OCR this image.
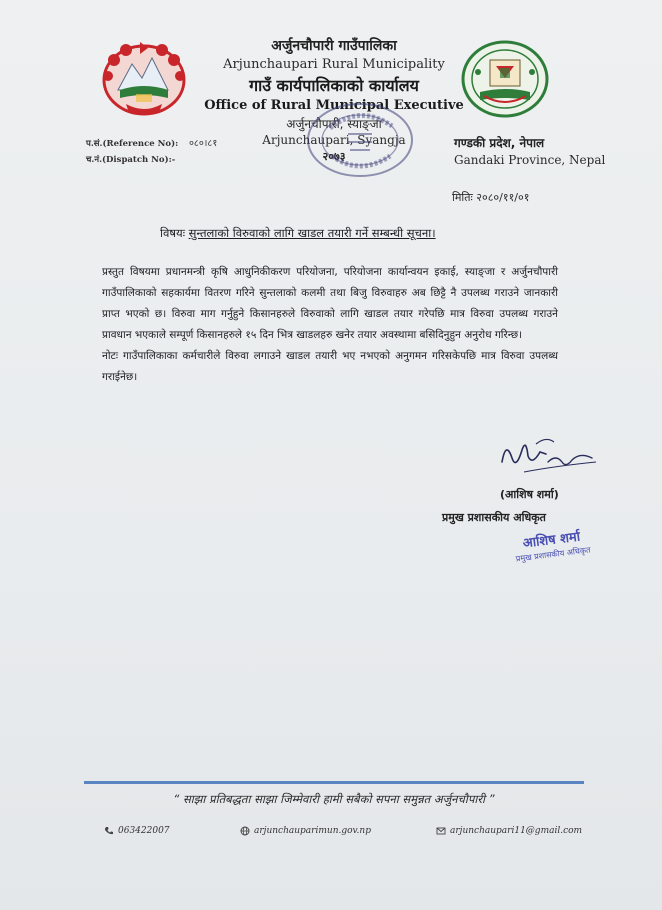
अर्जुनचौपारी गाउँपालिका
Arjunchaupari Rural Municipality
गाउँ कार्यपालिकाको कार्यालय
Office of Rural Municipal Executive
अर्जुनचौपारी, स्याङ्जा
Arjunchaupari, Syangja
२०७३
प.सं.(Reference No): ०८०।८१
च.नं.(Dispatch No):-
गण्डकी प्रदेश, नेपाल
Gandaki Province, Nepal
मितिः २०८०/११/०१
विषयः सुन्तलाको विरुवाको लागि खाडल तयारी गर्ने सम्बन्धी सूचना।

प्रस्तुत विषयमा प्रधानमन्त्री कृषि आधुनिकीकरण परियोजना, परियोजना कार्यान्वयन इकाई, स्याङ्जा र अर्जुनचौपारी गाउँपालिकाको सहकार्यमा वितरण गरिने सुन्तलाको कलमी तथा बिजु विरुवाहरु अब छिट्टै नै उपलब्ध गराउने जानकारी प्राप्त भएको छ। विरुवा माग गर्नुहुने किसानहरुले विरुवाको लागि खाडल तयार गरेपछि मात्र विरुवा उपलब्ध गराउने प्रावधान भएकाले सम्पूर्ण किसानहरुले १५ दिन भित्र खाडलहरु खनेर तयार अवस्थामा बसिदिनुहुन अनुरोध गरिन्छ।

नोटः गाउँपालिकाका कर्मचारीले विरुवा लगाउने खाडल तयारी भए नभएको अनुगमन गरिसकेपछि मात्र विरुवा उपलब्ध गराईनेछ।

(आशिष शर्मा)
प्रमुख प्रशासकीय अधिकृत
आशिष शर्मा
प्रमुख प्रशासकीय अधिकृत
“ साझा प्रतिबद्धता साझा जिम्मेवारी हामी सबैको सपना समुन्नत अर्जुनचौपारी ”
063422007	arjunchauparimun.gov.np	arjunchaupari11@gmail.com
